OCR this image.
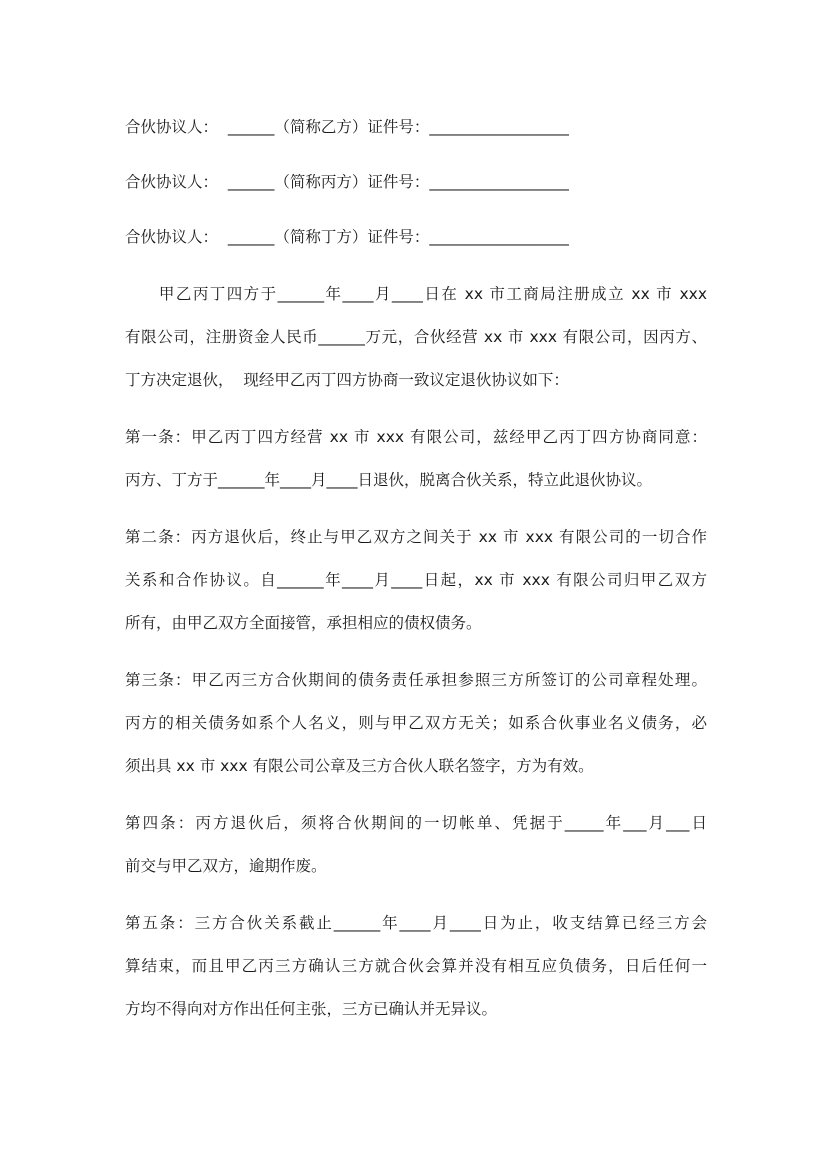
合伙协议人：  ______（简称乙方）证件号：__________________
合伙协议人：  ______（简称丙方）证件号：__________________
合伙协议人：  ______（简称丁方）证件号：__________________
　　甲乙丙丁四方于______年____月____日在 xx 市工商局注册成立 xx 市 xxx
有限公司，注册资金人民币______万元，合伙经营 xx 市 xxx 有限公司，因丙方、
丁方决定退伙，  现经甲乙丙丁四方协商一致议定退伙协议如下：
第一条：甲乙丙丁四方经营 xx 市 xxx 有限公司，兹经甲乙丙丁四方协商同意：
丙方、丁方于______年____月____日退伙，脱离合伙关系，特立此退伙协议。
第二条：丙方退伙后，终止与甲乙双方之间关于 xx 市 xxx 有限公司的一切合作
关系和合作协议。自______年____月____日起，xx 市 xxx 有限公司归甲乙双方
所有，由甲乙双方全面接管，承担相应的债权债务。
第三条：甲乙丙三方合伙期间的债务责任承担参照三方所签订的公司章程处理。
丙方的相关债务如系个人名义，则与甲乙双方无关；如系合伙事业名义债务，必
须出具 xx 市 xxx 有限公司公章及三方合伙人联名签字，方为有效。
第四条：丙方退伙后，须将合伙期间的一切帐单、凭据于_____年___月___日
前交与甲乙双方，逾期作废。
第五条：三方合伙关系截止______年____月____日为止，收支结算已经三方会
算结束，而且甲乙丙三方确认三方就合伙会算并没有相互应负债务，日后任何一
方均不得向对方作出任何主张，三方已确认并无异议。
